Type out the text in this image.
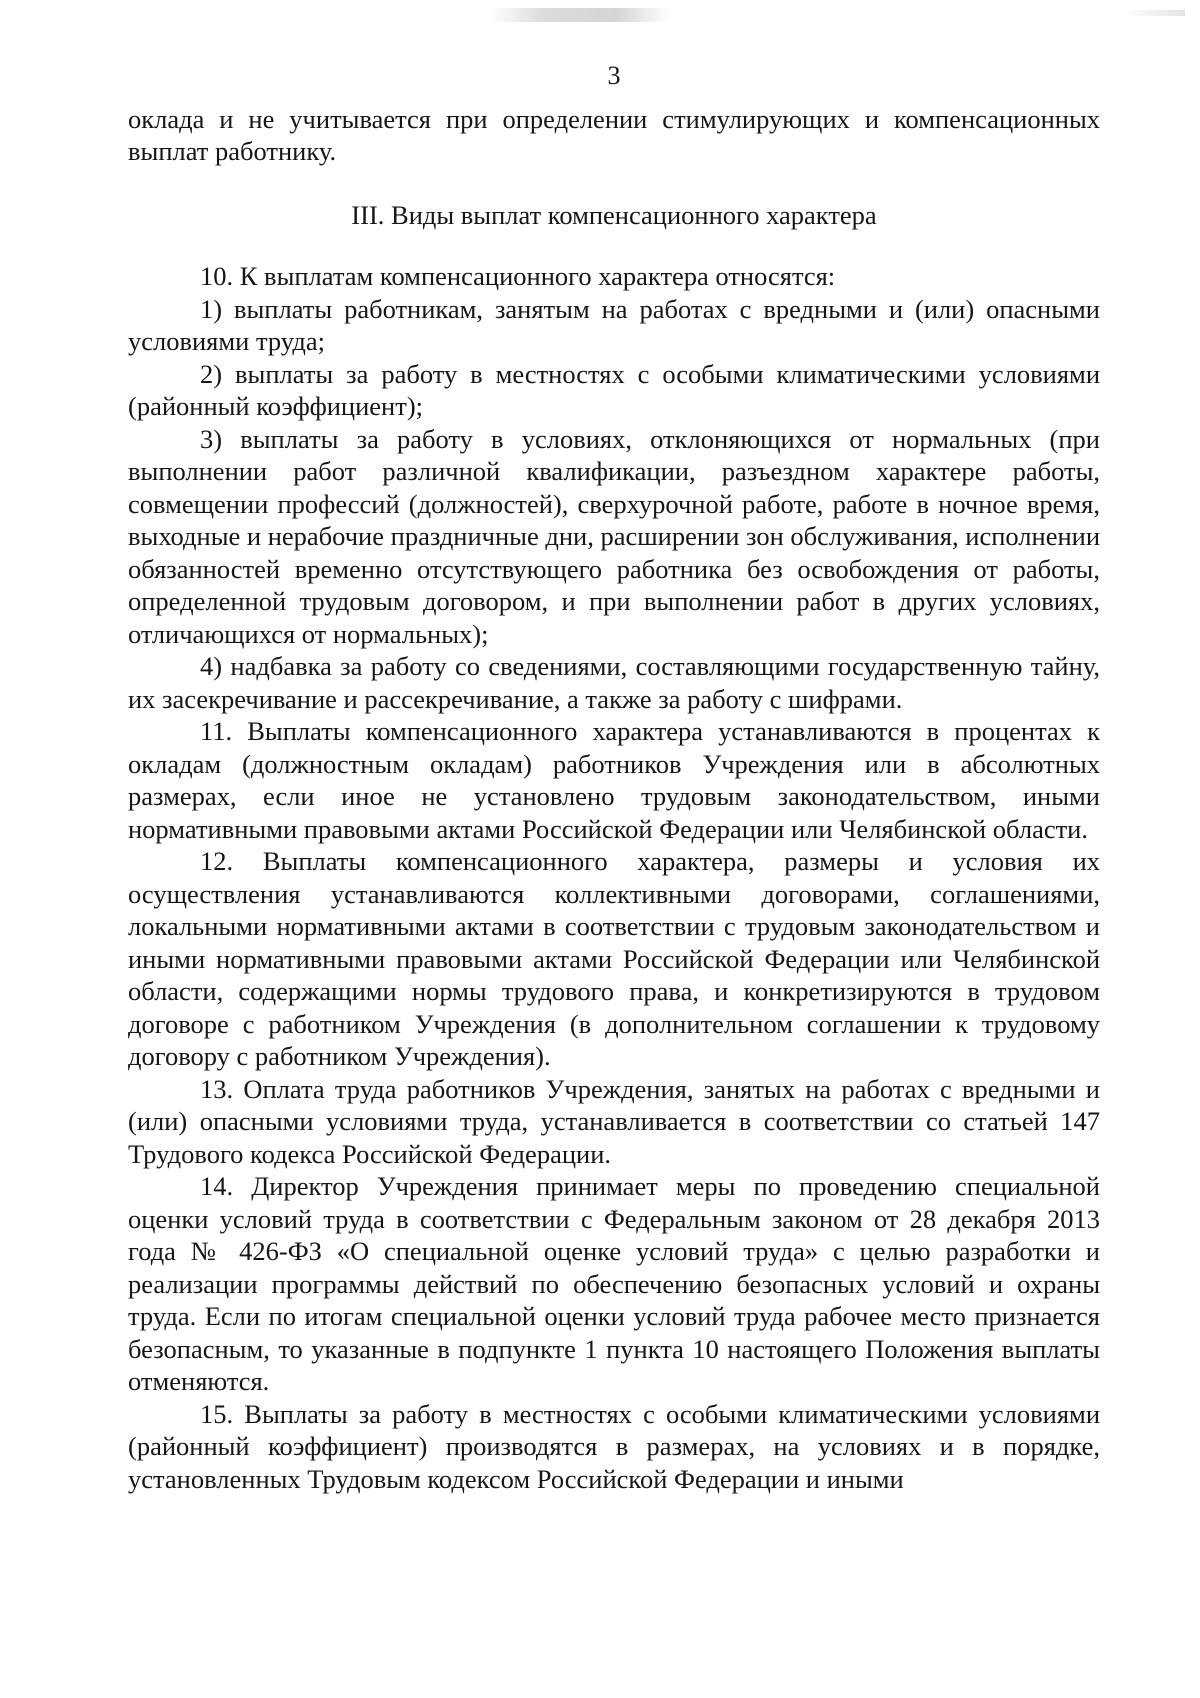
3

оклада и не учитывается при определении стимулирующих и компенсационных выплат работнику.

III. Виды выплат компенсационного характера

10. К выплатам компенсационного характера относятся:

1) выплаты работникам, занятым на работах с вредными и (или) опасными условиями труда;

2) выплаты за работу в местностях с особыми климатическими условиями (районный коэффициент);

3) выплаты за работу в условиях, отклоняющихся от нормальных (при выполнении работ различной квалификации, разъездном характере работы, совмещении профессий (должностей), сверхурочной работе, работе в ночное время, выходные и нерабочие праздничные дни, расширении зон обслуживания, исполнении обязанностей временно отсутствующего работника без освобождения от работы, определенной трудовым договором, и при выполнении работ в других условиях, отличающихся от нормальных);

4) надбавка за работу со сведениями, составляющими государственную тайну, их засекречивание и рассекречивание, а также за работу с шифрами.

11. Выплаты компенсационного характера устанавливаются в процентах к окладам (должностным окладам) работников Учреждения или в абсолютных размерах, если иное не установлено трудовым законодательством, иными нормативными правовыми актами Российской Федерации или Челябинской области.

12. Выплаты компенсационного характера, размеры и условия их осуществления устанавливаются коллективными договорами, соглашениями, локальными нормативными актами в соответствии с трудовым законодательством и иными нормативными правовыми актами Российской Федерации или Челябинской области, содержащими нормы трудового права, и конкретизируются в трудовом договоре с работником Учреждения (в дополнительном соглашении к трудовому договору с работником Учреждения).

13. Оплата труда работников Учреждения, занятых на работах с вредными и (или) опасными условиями труда, устанавливается в соответствии со статьей 147 Трудового кодекса Российской Федерации.

14. Директор Учреждения принимает меры по проведению специальной оценки условий труда в соответствии с Федеральным законом от 28 декабря 2013 года № 426-ФЗ «О специальной оценке условий труда» с целью разработки и реализации программы действий по обеспечению безопасных условий и охраны труда. Если по итогам специальной оценки условий труда рабочее место признается безопасным, то указанные в подпункте 1 пункта 10 настоящего Положения выплаты отменяются.

15. Выплаты за работу в местностях с особыми климатическими условиями (районный коэффициент) производятся в размерах, на условиях и в порядке, установленных Трудовым кодексом Российской Федерации и иными
